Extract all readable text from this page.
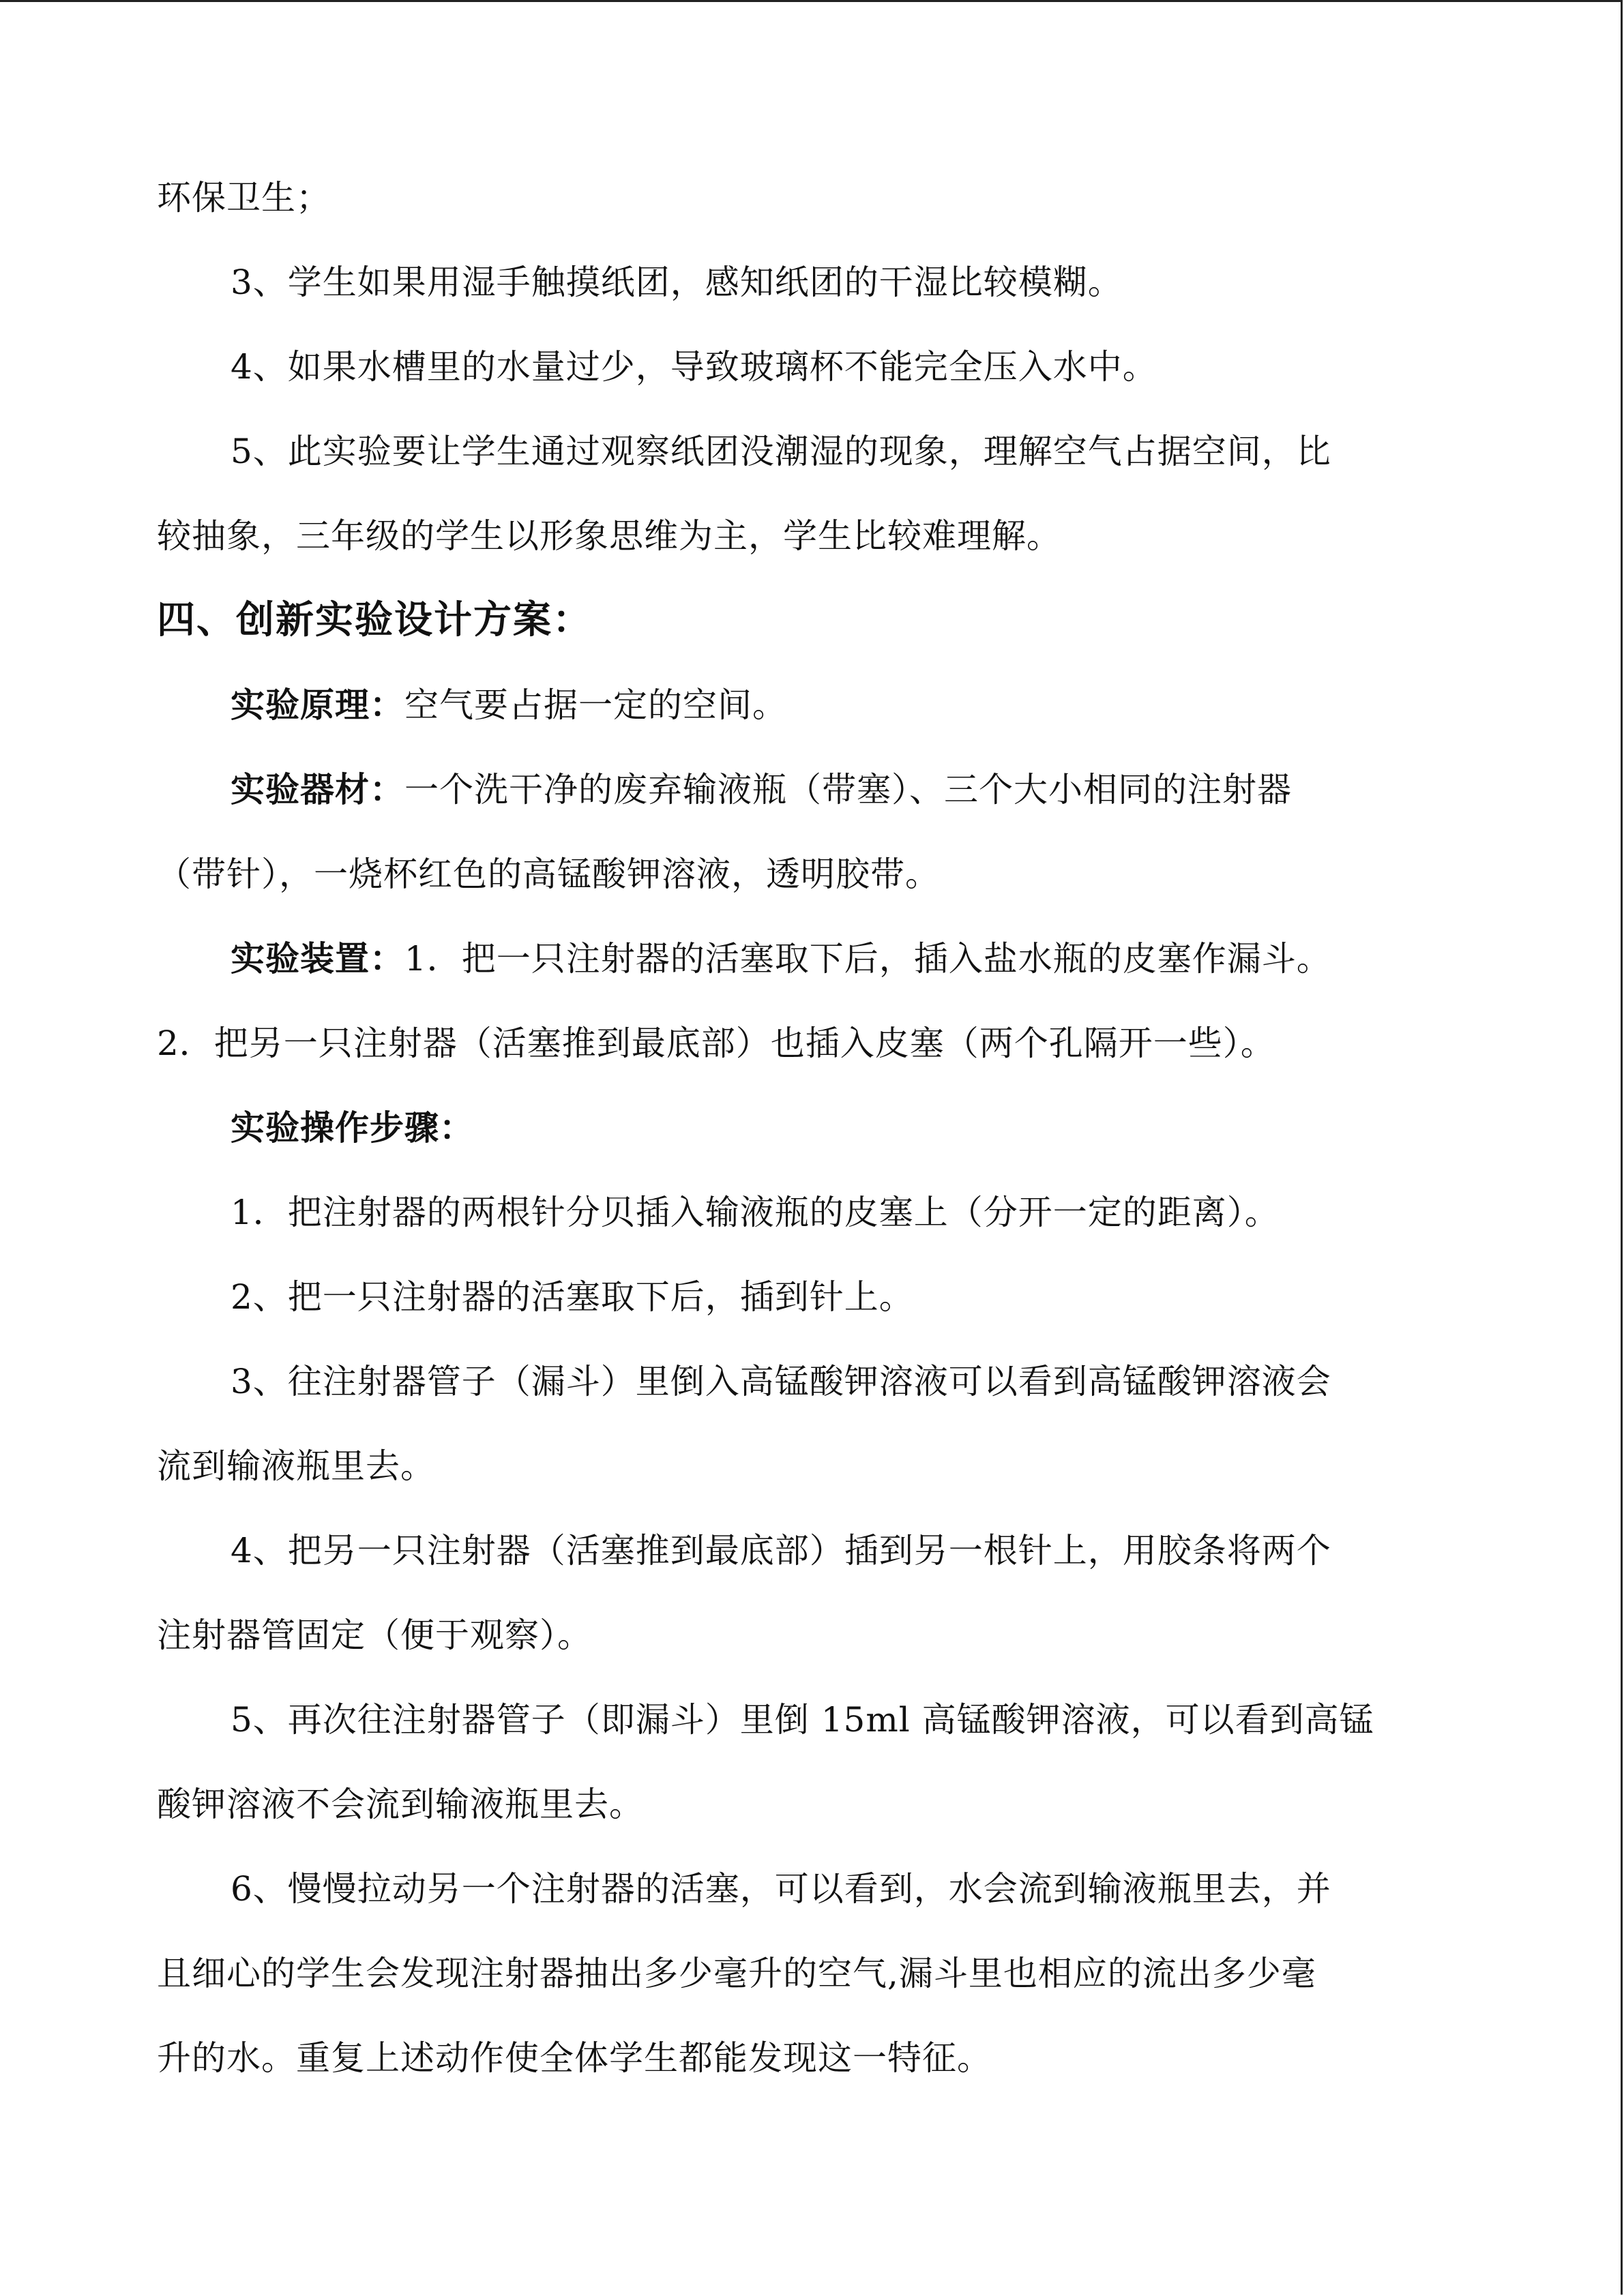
环保卫生；
3、学生如果用湿手触摸纸团，感知纸团的干湿比较模糊。
4、如果水槽里的水量过少，导致玻璃杯不能完全压入水中。
5、此实验要让学生通过观察纸团没潮湿的现象，理解空气占据空间，比
较抽象，三年级的学生以形象思维为主，学生比较难理解。
四、创新实验设计方案：
实验原理：空气要占据一定的空间。
实验器材：一个洗干净的废弃输液瓶（带塞）、三个大小相同的注射器
（带针），一烧杯红色的高锰酸钾溶液，透明胶带。
实验装置：1．把一只注射器的活塞取下后，插入盐水瓶的皮塞作漏斗。
2．把另一只注射器（活塞推到最底部）也插入皮塞（两个孔隔开一些）。
实验操作步骤：
1．把注射器的两根针分贝插入输液瓶的皮塞上（分开一定的距离）。
2、把一只注射器的活塞取下后，插到针上。
3、往注射器管子（漏斗）里倒入高锰酸钾溶液可以看到高锰酸钾溶液会
流到输液瓶里去。
4、把另一只注射器（活塞推到最底部）插到另一根针上，用胶条将两个
注射器管固定（便于观察）。
5、再次往注射器管子（即漏斗）里倒 15ml 高锰酸钾溶液，可以看到高锰
酸钾溶液不会流到输液瓶里去。
6、慢慢拉动另一个注射器的活塞，可以看到，水会流到输液瓶里去，并
且细心的学生会发现注射器抽出多少毫升的空气,漏斗里也相应的流出多少毫
升的水。重复上述动作使全体学生都能发现这一特征。
